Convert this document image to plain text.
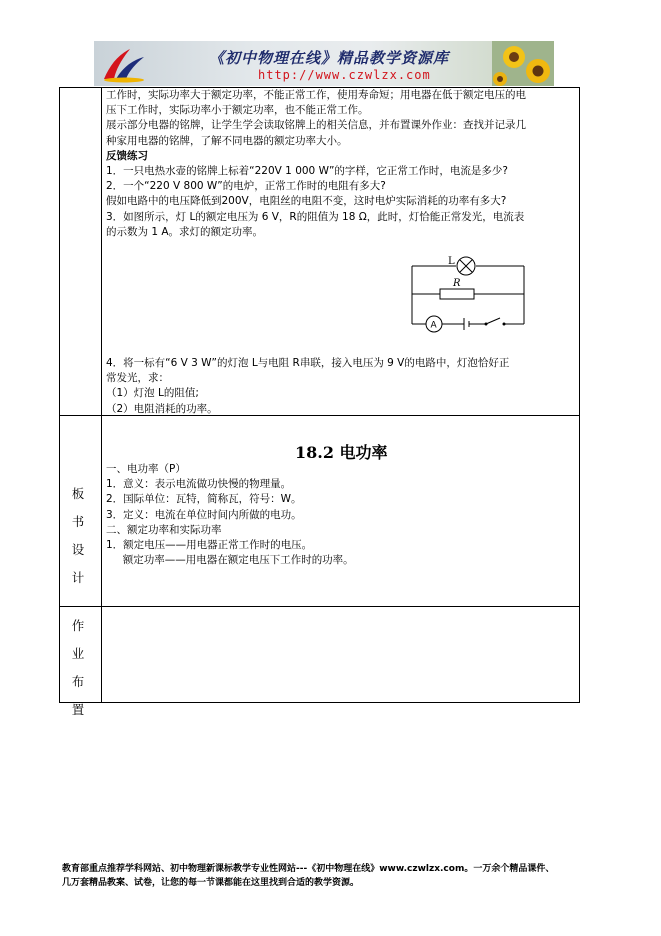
《初中物理在线》精品教学资源库
http://www.czwlzx.com
工作时，实际功率大于额定功率，不能正常工作，使用寿命短；用电器在低于额定电压的电
压下工作时，实际功率小于额定功率，也不能正常工作。
展示部分电器的铭牌，让学生学会读取铭牌上的相关信息，并布置课外作业：查找并记录几
种家用电器的铭牌，了解不同电器的额定功率大小。
反馈练习
1．一只电热水壶的铭牌上标着“220V 1 000 W”的字样，它正常工作时，电流是多少?
2．一个“220 V 800 W”的电炉，正常工作时的电阻有多大?
假如电路中的电压降低到200V，电阻丝的电阻不变，这时电炉实际消耗的功率有多大?
3．如图所示，灯 L的额定电压为 6 V，R的阻值为 18 Ω，此时，灯恰能正常发光，电流表
的示数为 1 A。求灯的额定功率。
L
R
A
4．将一标有“6 V 3 W”的灯泡 L与电阻 R串联，接入电压为 9 V的电路中，灯泡恰好正
常发光，求：
（1）灯泡 L的阻值;
（2）电阻消耗的功率。
板 书
设 计
18.2 电功率
一、电功率（P）
1．意义：表示电流做功快慢的物理量。
2．国际单位：瓦特，简称瓦，符号：W。
3．定义：电流在单位时间内所做的电功。
二、额定功率和实际功率
1．额定电压——用电器正常工作时的电压。
额定功率——用电器在额定电压下工作时的功率。
作 业
布 置
教育部重点推荐学科网站、初中物理新课标教学专业性网站---《初中物理在线》www.czwlzx.com。一万余个精品课件、
几万套精品教案、试卷，让您的每一节课都能在这里找到合适的教学资源。
